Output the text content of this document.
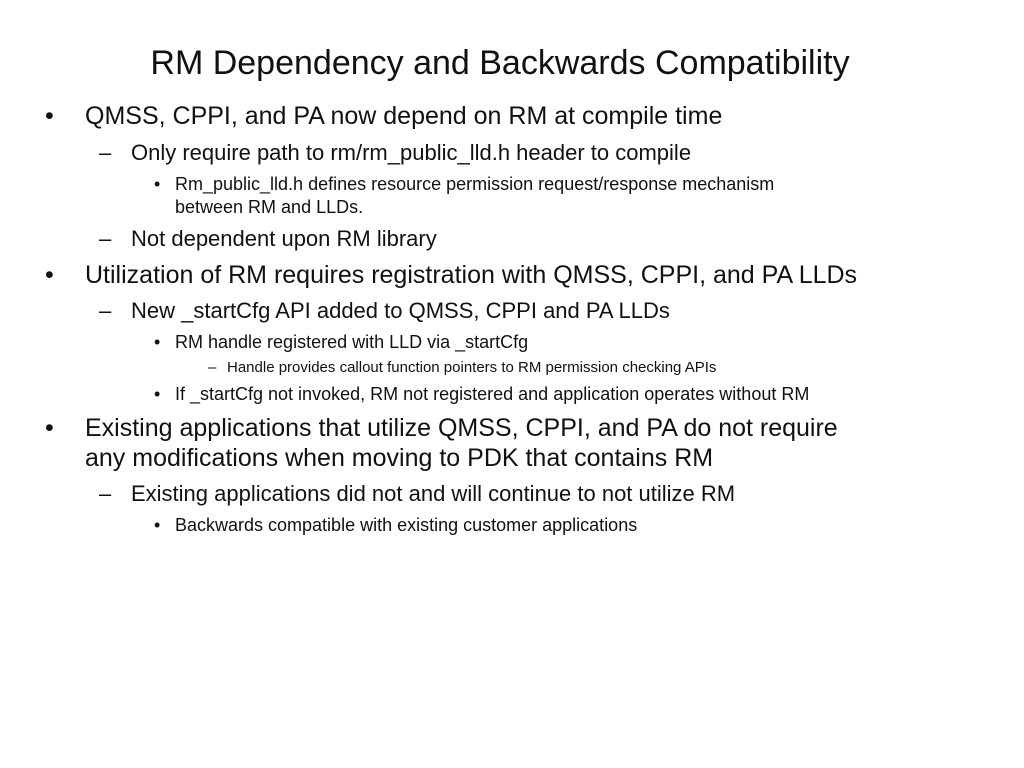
RM Dependency and Backwards Compatibility
•	QMSS, CPPI, and PA now depend on RM at compile time
– Only require path to rm/rm_public_lld.h header to compile
• Rm_public_lld.h defines resource permission request/response mechanism
between RM and LLDs.
– Not dependent upon RM library
•	Utilization of RM requires registration with QMSS, CPPI, and PA LLDs
– New _startCfg API added to QMSS, CPPI and PA LLDs
• RM handle registered with LLD via _startCfg
– Handle provides callout function pointers to RM permission checking APIs
• If _startCfg not invoked, RM not registered and application operates without RM
•	Existing applications that utilize QMSS, CPPI, and PA do not require
any modifications when moving to PDK that contains RM
– Existing applications did not and will continue to not utilize RM
• Backwards compatible with existing customer applications
